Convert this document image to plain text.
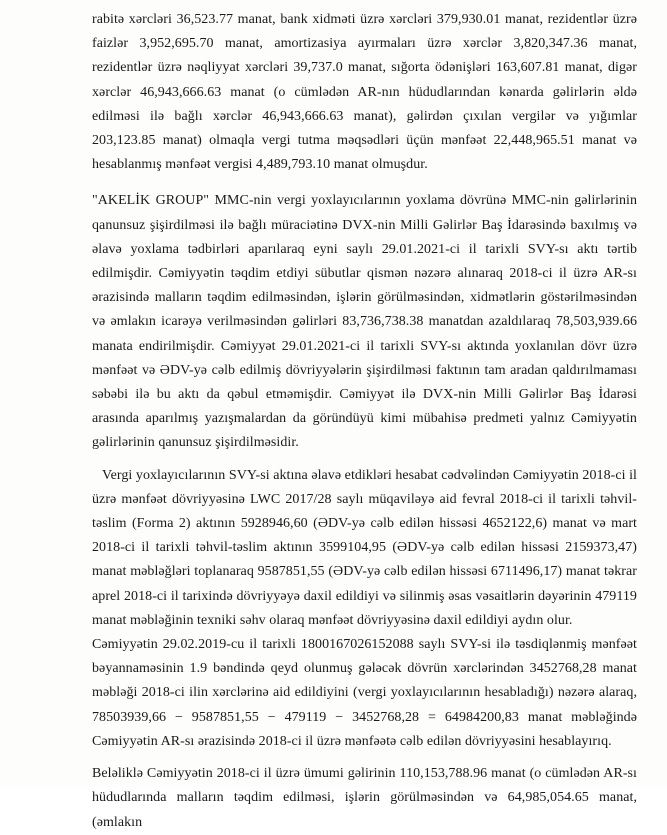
rabitə xərcləri 36,523.77 manat, bank xidməti üzrə xərcləri 379,930.01 manat, rezidentlər üzrə faizlər 3,952,695.70 manat, amortizasiya ayırmaları üzrə xərclər 3,820,347.36 manat, rezidentlər üzrə nəqliyyat xərcləri 39,737.0 manat, sığorta ödənişləri 163,607.81 manat, digər xərclər 46,943,666.63 manat (o cümlədən AR-nın hüdudlarından kənarda gəlirlərin əldə edilməsi ilə bağlı xərclər 46,943,666.63 manat), gəlirdən çıxılan vergilər və yığımlar 203,123.85 manat) olmaqla vergi tutma məqsədləri üçün mənfəət 22,448,965.51 manat və hesablanmış mənfəət vergisi 4,489,793.10 manat olmuşdur.

"AKELİK GROUP" MMC-nin vergi yoxlayıcılarının yoxlama dövrünə MMC-nin gəlirlərinin qanunsuz şişirdilməsi ilə bağlı müraciətinə DVX-nin Milli Gəlirlər Baş İdarəsində baxılmış və əlavə yoxlama tədbirləri aparılaraq eyni saylı 29.01.2021-ci il tarixli SVY-sı aktı tərtib edilmişdir. Cəmiyyətin təqdim etdiyi sübutlar qismən nəzərə alınaraq 2018-ci il üzrə AR-sı ərazisində malların təqdim edilməsindən, işlərin görülməsindən, xidmətlərin göstərilməsindən və əmlakın icarəyə verilməsindən gəlirləri 83,736,738.38 manatdan azaldılaraq 78,503,939.66 manata endirilmişdir. Cəmiyyət 29.01.2021-ci il tarixli SVY-sı aktında yoxlanılan dövr üzrə mənfəət və ƏDV-yə cəlb edilmiş dövriyyələrin şişirdilməsi faktının tam aradan qaldırılmaması səbəbi ilə bu aktı da qəbul etməmişdir. Cəmiyyət ilə DVX-nin Milli Gəlirlər Baş İdarəsi arasında aparılmış yazışmalardan da göründüyü kimi mübahisə predmeti yalnız Cəmiyyətin gəlirlərinin qanunsuz şişirdilməsidir.

Vergi yoxlayıcılarının SVY-si aktına əlavə etdikləri hesabat cədvəlindən Cəmiyyətin 2018-ci il üzrə mənfəət dövriyyəsinə LWC 2017/28 saylı müqaviləyə aid fevral 2018-ci il tarixli təhvil-təslim (Forma 2) aktının 5928946,60 (ƏDV-yə cəlb edilən hissəsi 4652122,6) manat və mart 2018-ci il tarixli təhvil-təslim aktının 3599104,95 (ƏDV-yə cəlb edilən hissəsi 2159373,47) manat məbləğləri toplanaraq 9587851,55 (ƏDV-yə cəlb edilən hissəsi 6711496,17) manat təkrar aprel 2018-ci il tarixində dövriyyəyə daxil edildiyi və silinmiş əsas vəsaitlərin dəyərinin 479119 manat məbləğinin texniki səhv olaraq mənfəət dövriyyəsinə daxil edildiyi aydın olur.

Cəmiyyətin 29.02.2019-cu il tarixli 1800167026152088 saylı SVY-si ilə təsdiqlənmiş mənfəət bəyannaməsinin 1.9 bəndində qeyd olunmuş gələcək dövrün xərclərindən 3452768,28 manat məbləği 2018-ci ilin xərclərinə aid edildiyini (vergi yoxlayıcılarının hesabladığı) nəzərə alaraq, 78503939,66 − 9587851,55 − 479119 − 3452768,28 = 64984200,83 manat məbləğində Cəmiyyətin AR-sı ərazisində 2018-ci il üzrə mənfəətə cəlb edilən dövriyyəsini hesablayırıq.

Beləliklə Cəmiyyətin 2018-ci il üzrə ümumi gəlirinin 110,153,788.96 manat (o cümlədən AR-sı hüdudlarında malların təqdim edilməsi, işlərin görülməsindən və 64,985,054.65 manat, (əmlakın
